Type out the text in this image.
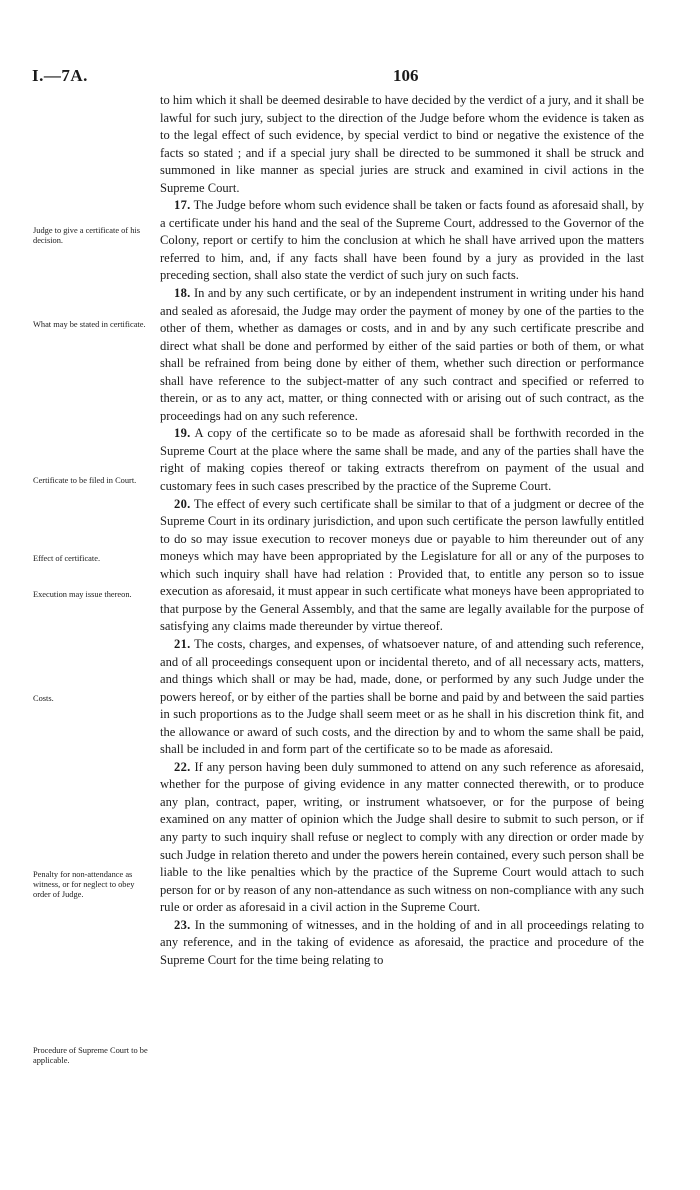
I.—7A.	106
Judge to give a certificate of his decision.
What may be stated in certificate.
Certificate to be filed in Court.
Effect of certificate.
Execution may issue thereon.
Costs.
Penalty for non-attendance as witness, or for neglect to obey order of Judge.
Procedure of Supreme Court to be applicable.

to him which it shall be deemed desirable to have decided by the verdict of a jury, and it shall be lawful for such jury, subject to the direction of the Judge before whom the evidence is taken as to the legal effect of such evidence, by special verdict to bind or negative the existence of the facts so stated ; and if a special jury shall be directed to be summoned it shall be struck and summoned in like manner as special juries are struck and examined in civil actions in the Supreme Court.

17. The Judge before whom such evidence shall be taken or facts found as aforesaid shall, by a certificate under his hand and the seal of the Supreme Court, addressed to the Governor of the Colony, report or certify to him the conclusion at which he shall have arrived upon the matters referred to him, and, if any facts shall have been found by a jury as provided in the last preceding section, shall also state the verdict of such jury on such facts.

18. In and by any such certificate, or by an independent instrument in writing under his hand and sealed as aforesaid, the Judge may order the payment of money by one of the parties to the other of them, whether as damages or costs, and in and by any such certificate prescribe and direct what shall be done and performed by either of the said parties or both of them, or what shall be refrained from being done by either of them, whether such direction or performance shall have reference to the subject-matter of any such contract and specified or referred to therein, or as to any act, matter, or thing connected with or arising out of such contract, as the proceedings had on any such reference.

19. A copy of the certificate so to be made as aforesaid shall be forthwith recorded in the Supreme Court at the place where the same shall be made, and any of the parties shall have the right of making copies thereof or taking extracts therefrom on payment of the usual and customary fees in such cases prescribed by the practice of the Supreme Court.

20. The effect of every such certificate shall be similar to that of a judgment or decree of the Supreme Court in its ordinary jurisdiction, and upon such certificate the person lawfully entitled to do so may issue execution to recover moneys due or payable to him thereunder out of any moneys which may have been appropriated by the Legislature for all or any of the purposes to which such inquiry shall have had relation : Provided that, to entitle any person so to issue execution as aforesaid, it must appear in such certificate what moneys have been appropriated to that purpose by the General Assembly, and that the same are legally available for the purpose of satisfying any claims made thereunder by virtue thereof.

21. The costs, charges, and expenses, of whatsoever nature, of and attending such reference, and of all proceedings consequent upon or incidental thereto, and of all necessary acts, matters, and things which shall or may be had, made, done, or performed by any such Judge under the powers hereof, or by either of the parties shall be borne and paid by and between the said parties in such proportions as to the Judge shall seem meet or as he shall in his discretion think fit, and the allowance or award of such costs, and the direction by and to whom the same shall be paid, shall be included in and form part of the certificate so to be made as aforesaid.

22. If any person having been duly summoned to attend on any such reference as aforesaid, whether for the purpose of giving evidence in any matter connected therewith, or to produce any plan, contract, paper, writing, or instrument whatsoever, or for the purpose of being examined on any matter of opinion which the Judge shall desire to submit to such person, or if any party to such inquiry shall refuse or neglect to comply with any direction or order made by such Judge in relation thereto and under the powers herein contained, every such person shall be liable to the like penalties which by the practice of the Supreme Court would attach to such person for or by reason of any non-attendance as such witness on non-compliance with any such rule or order as aforesaid in a civil action in the Supreme Court.

23. In the summoning of witnesses, and in the holding of and in all proceedings relating to any reference, and in the taking of evidence as aforesaid, the practice and procedure of the Supreme Court for the time being relating to
